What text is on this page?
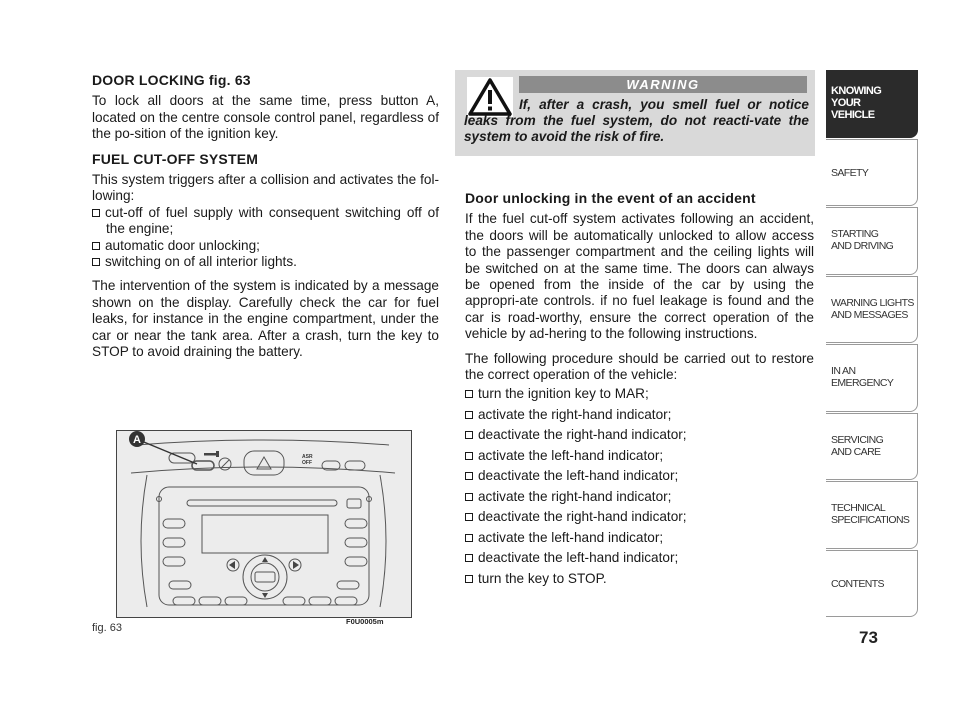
DOOR LOCKING fig. 63

To lock all doors at the same time, press button A, located on the centre console control panel, regardless of the po-sition of the ignition key.

FUEL CUT-OFF SYSTEM
This system triggers after a collision and activates the fol-lowing:
cut-off of fuel supply with consequent switching off of the engine;
automatic door unlocking;
switching on of all interior lights.

The intervention of the system is indicated by a message shown on the display. Carefully check the car for fuel leaks, for instance in the engine compartment, under the car or near the tank area. After a crash, turn the key to STOP to avoid draining the battery.

WARNING
If, after a crash, you smell fuel or notice leaks from the fuel system, do not reacti-vate the system to avoid the risk of fire.
Door unlocking in the event of an accident

If the fuel cut-off system activates following an accident, the doors will be automatically unlocked to allow access to the passenger compartment and the ceiling lights will be switched on at the same time. The doors can always be opened from the inside of the car by using the appropri-ate controls. if no fuel leakage is found and the car is road-worthy, ensure the correct operation of the vehicle by ad-hering to the following instructions.

The following procedure should be carried out to restore the correct operation of the vehicle:

turn the ignition key to MAR;
activate the right-hand indicator;
deactivate the right-hand indicator;
activate the left-hand indicator;
deactivate the left-hand indicator;
activate the right-hand indicator;
deactivate the right-hand indicator;
activate the left-hand indicator;
deactivate the left-hand indicator;
turn the key to STOP.
ASR
OFF
A
fig. 63
F0U0005m
KNOWING
YOUR
VEHICLE
SAFETY
STARTING
AND DRIVING
WARNING LIGHTS
AND MESSAGES
IN AN
EMERGENCY
SERVICING
AND CARE
TECHNICAL
SPECIFICATIONS
CONTENTS
73
